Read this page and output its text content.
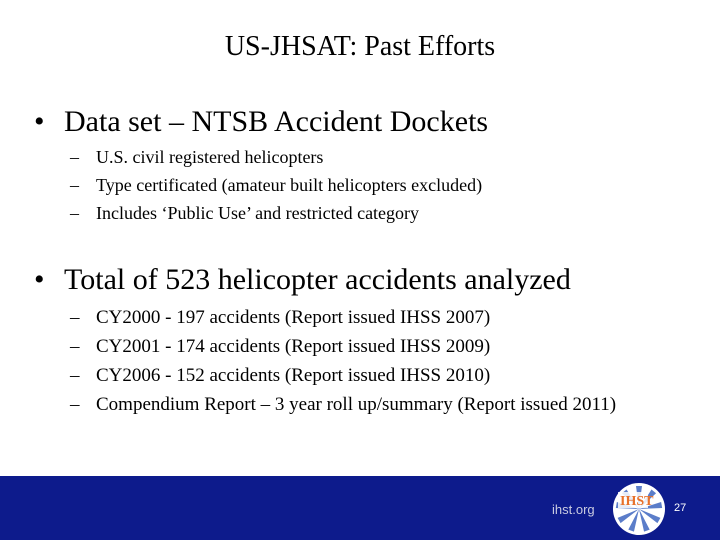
US-JHSAT: Past Efforts
• Data set – NTSB Accident Dockets
– U.S. civil registered helicopters
– Type certificated (amateur built helicopters excluded)
– Includes ‘Public Use’ and restricted category
• Total of 523 helicopter accidents analyzed
– CY2000 - 197 accidents (Report issued IHSS 2007)
– CY2001 - 174 accidents (Report issued IHSS 2009)
– CY2006 - 152 accidents (Report issued IHSS 2010)
– Compendium Report – 3 year roll up/summary (Report issued 2011)
ihst.org
IHST 27
